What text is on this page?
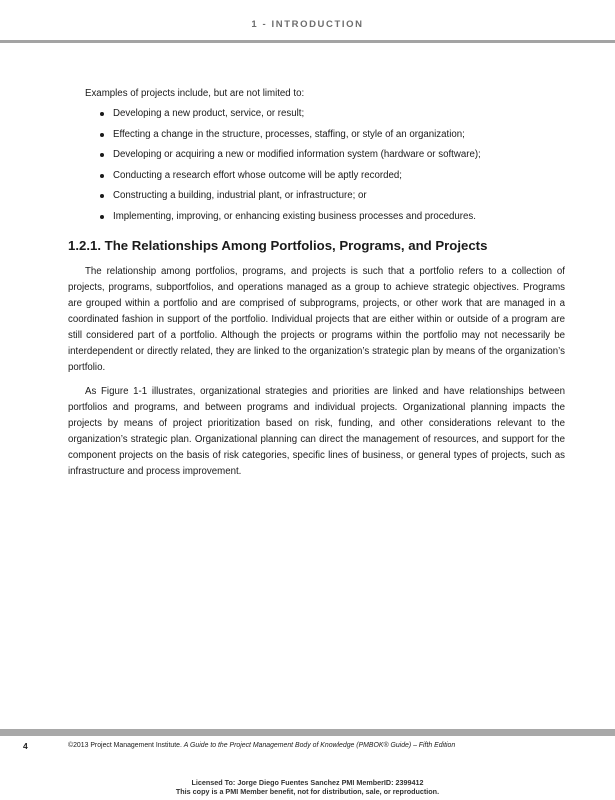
1 - INTRODUCTION

Examples of projects include, but are not limited to:

Developing a new product, service, or result;
Effecting a change in the structure, processes, staffing, or style of an organization;
Developing or acquiring a new or modified information system (hardware or software);
Conducting a research effort whose outcome will be aptly recorded;
Constructing a building, industrial plant, or infrastructure; or
Implementing, improving, or enhancing existing business processes and procedures.
1.2.1. The Relationships Among Portfolios, Programs, and Projects

The relationship among portfolios, programs, and projects is such that a portfolio refers to a collection of projects, programs, subportfolios, and operations managed as a group to achieve strategic objectives. Programs are grouped within a portfolio and are comprised of subprograms, projects, or other work that are managed in a coordinated fashion in support of the portfolio. Individual projects that are either within or outside of a program are still considered part of a portfolio. Although the projects or programs within the portfolio may not necessarily be interdependent or directly related, they are linked to the organization’s strategic plan by means of the organization’s portfolio.

As Figure 1-1 illustrates, organizational strategies and priorities are linked and have relationships between portfolios and programs, and between programs and individual projects. Organizational planning impacts the projects by means of project prioritization based on risk, funding, and other considerations relevant to the organization’s strategic plan. Organizational planning can direct the management of resources, and support for the component projects on the basis of risk categories, specific lines of business, or general types of projects, such as infrastructure and process improvement.

4	©2013 Project Management Institute. A Guide to the Project Management Body of Knowledge (PMBOK® Guide) – Fifth Edition
Licensed To: Jorge Diego Fuentes Sanchez PMI MemberID: 2399412
This copy is a PMI Member benefit, not for distribution, sale, or reproduction.
